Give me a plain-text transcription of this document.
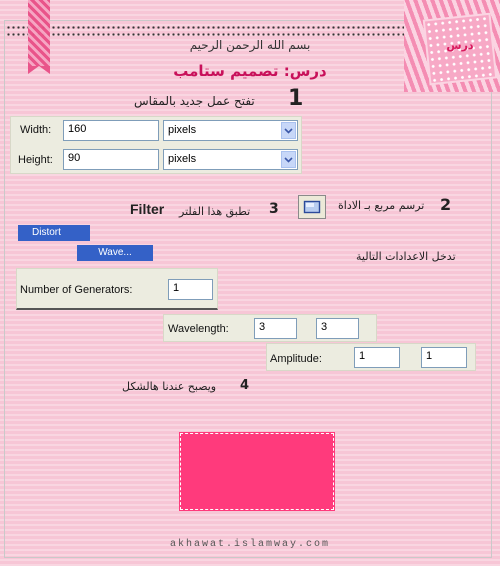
درس
بسم الله الرحمن الرحيم
درس: تصميم ستامب
1
تفتح عمل جديد بالمقاس
Width:	160	pixels
Height:	90	pixels
2
ترسم مربع بـ الاداة
Filter	3
تطبق هذا الفلتر
Distort
Wave...	تدخل الاعدادات التالية
Number of Generators:	1
Wavelength:	3	3
Amplitude:	1	1
4
ويصبح عندنا هالشكل
akhawat.islamway.com
